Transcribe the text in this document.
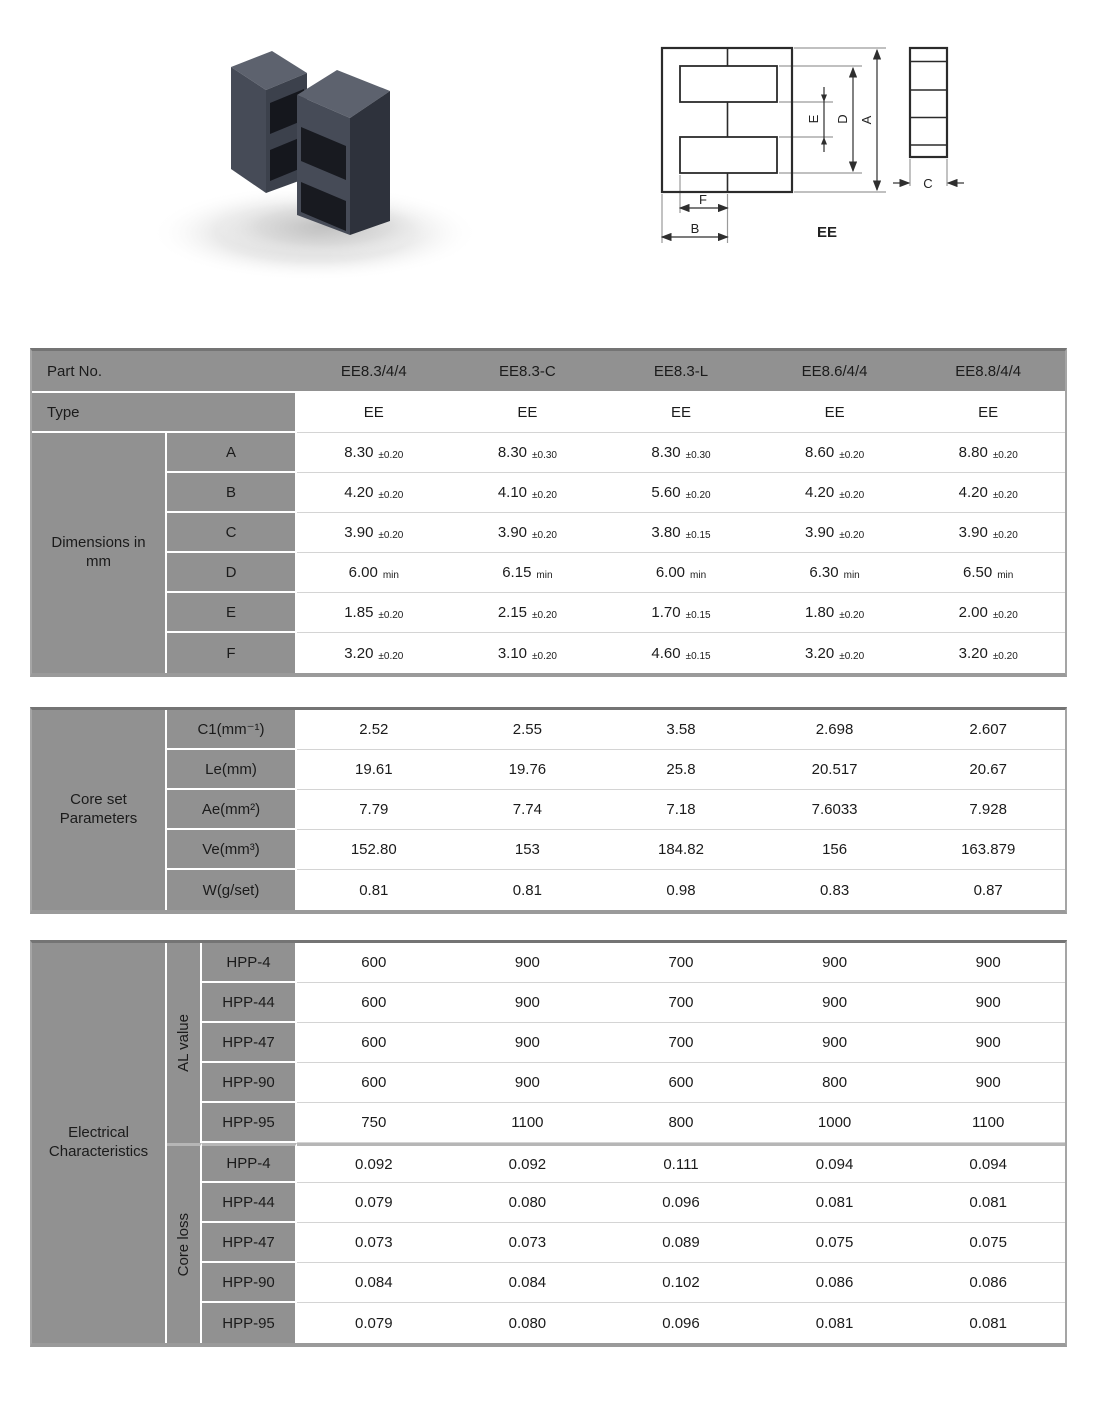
E D A
F
B
C
EE
Part No.		EE8.3/4/4	EE8.3-C	EE8.3-L	EE8.6/4/4	EE8.8/4/4
Type		EE	EE	EE	EE	EE
Dimensions in mm	A	8.30 ±0.20	8.30 ±0.30	8.30 ±0.30	8.60 ±0.20	8.80 ±0.20
	B	4.20 ±0.20	4.10 ±0.20	5.60 ±0.20	4.20 ±0.20	4.20 ±0.20
	C	3.90 ±0.20	3.90 ±0.20	3.80 ±0.15	3.90 ±0.20	3.90 ±0.20
	D	6.00 min	6.15 min	6.00 min	6.30 min	6.50 min
	E	1.85 ±0.20	2.15 ±0.20	1.70 ±0.15	1.80 ±0.20	2.00 ±0.20
	F	3.20 ±0.20	3.10 ±0.20	4.60 ±0.15	3.20 ±0.20	3.20 ±0.20
Core set Parameters	C1(mm⁻¹)	2.52	2.55	3.58	2.698	2.607
	Le(mm)	19.61	19.76	25.8	20.517	20.67
	Ae(mm²)	7.79	7.74	7.18	7.6033	7.928
	Ve(mm³)	152.80	153	184.82	156	163.879
	W(g/set)	0.81	0.81	0.98	0.83	0.87
Electrical Characteristics	AL value	HPP-4	600	900	700	900	900
		HPP-44	600	900	700	900	900
		HPP-47	600	900	700	900	900
		HPP-90	600	900	600	800	900
		HPP-95	750	1100	800	1000	1100

	Core loss	HPP-4	0.092	0.092	0.111	0.094	0.094
		HPP-44	0.079	0.080	0.096	0.081	0.081
		HPP-47	0.073	0.073	0.089	0.075	0.075
		HPP-90	0.084	0.084	0.102	0.086	0.086
		HPP-95	0.079	0.080	0.096	0.081	0.081
